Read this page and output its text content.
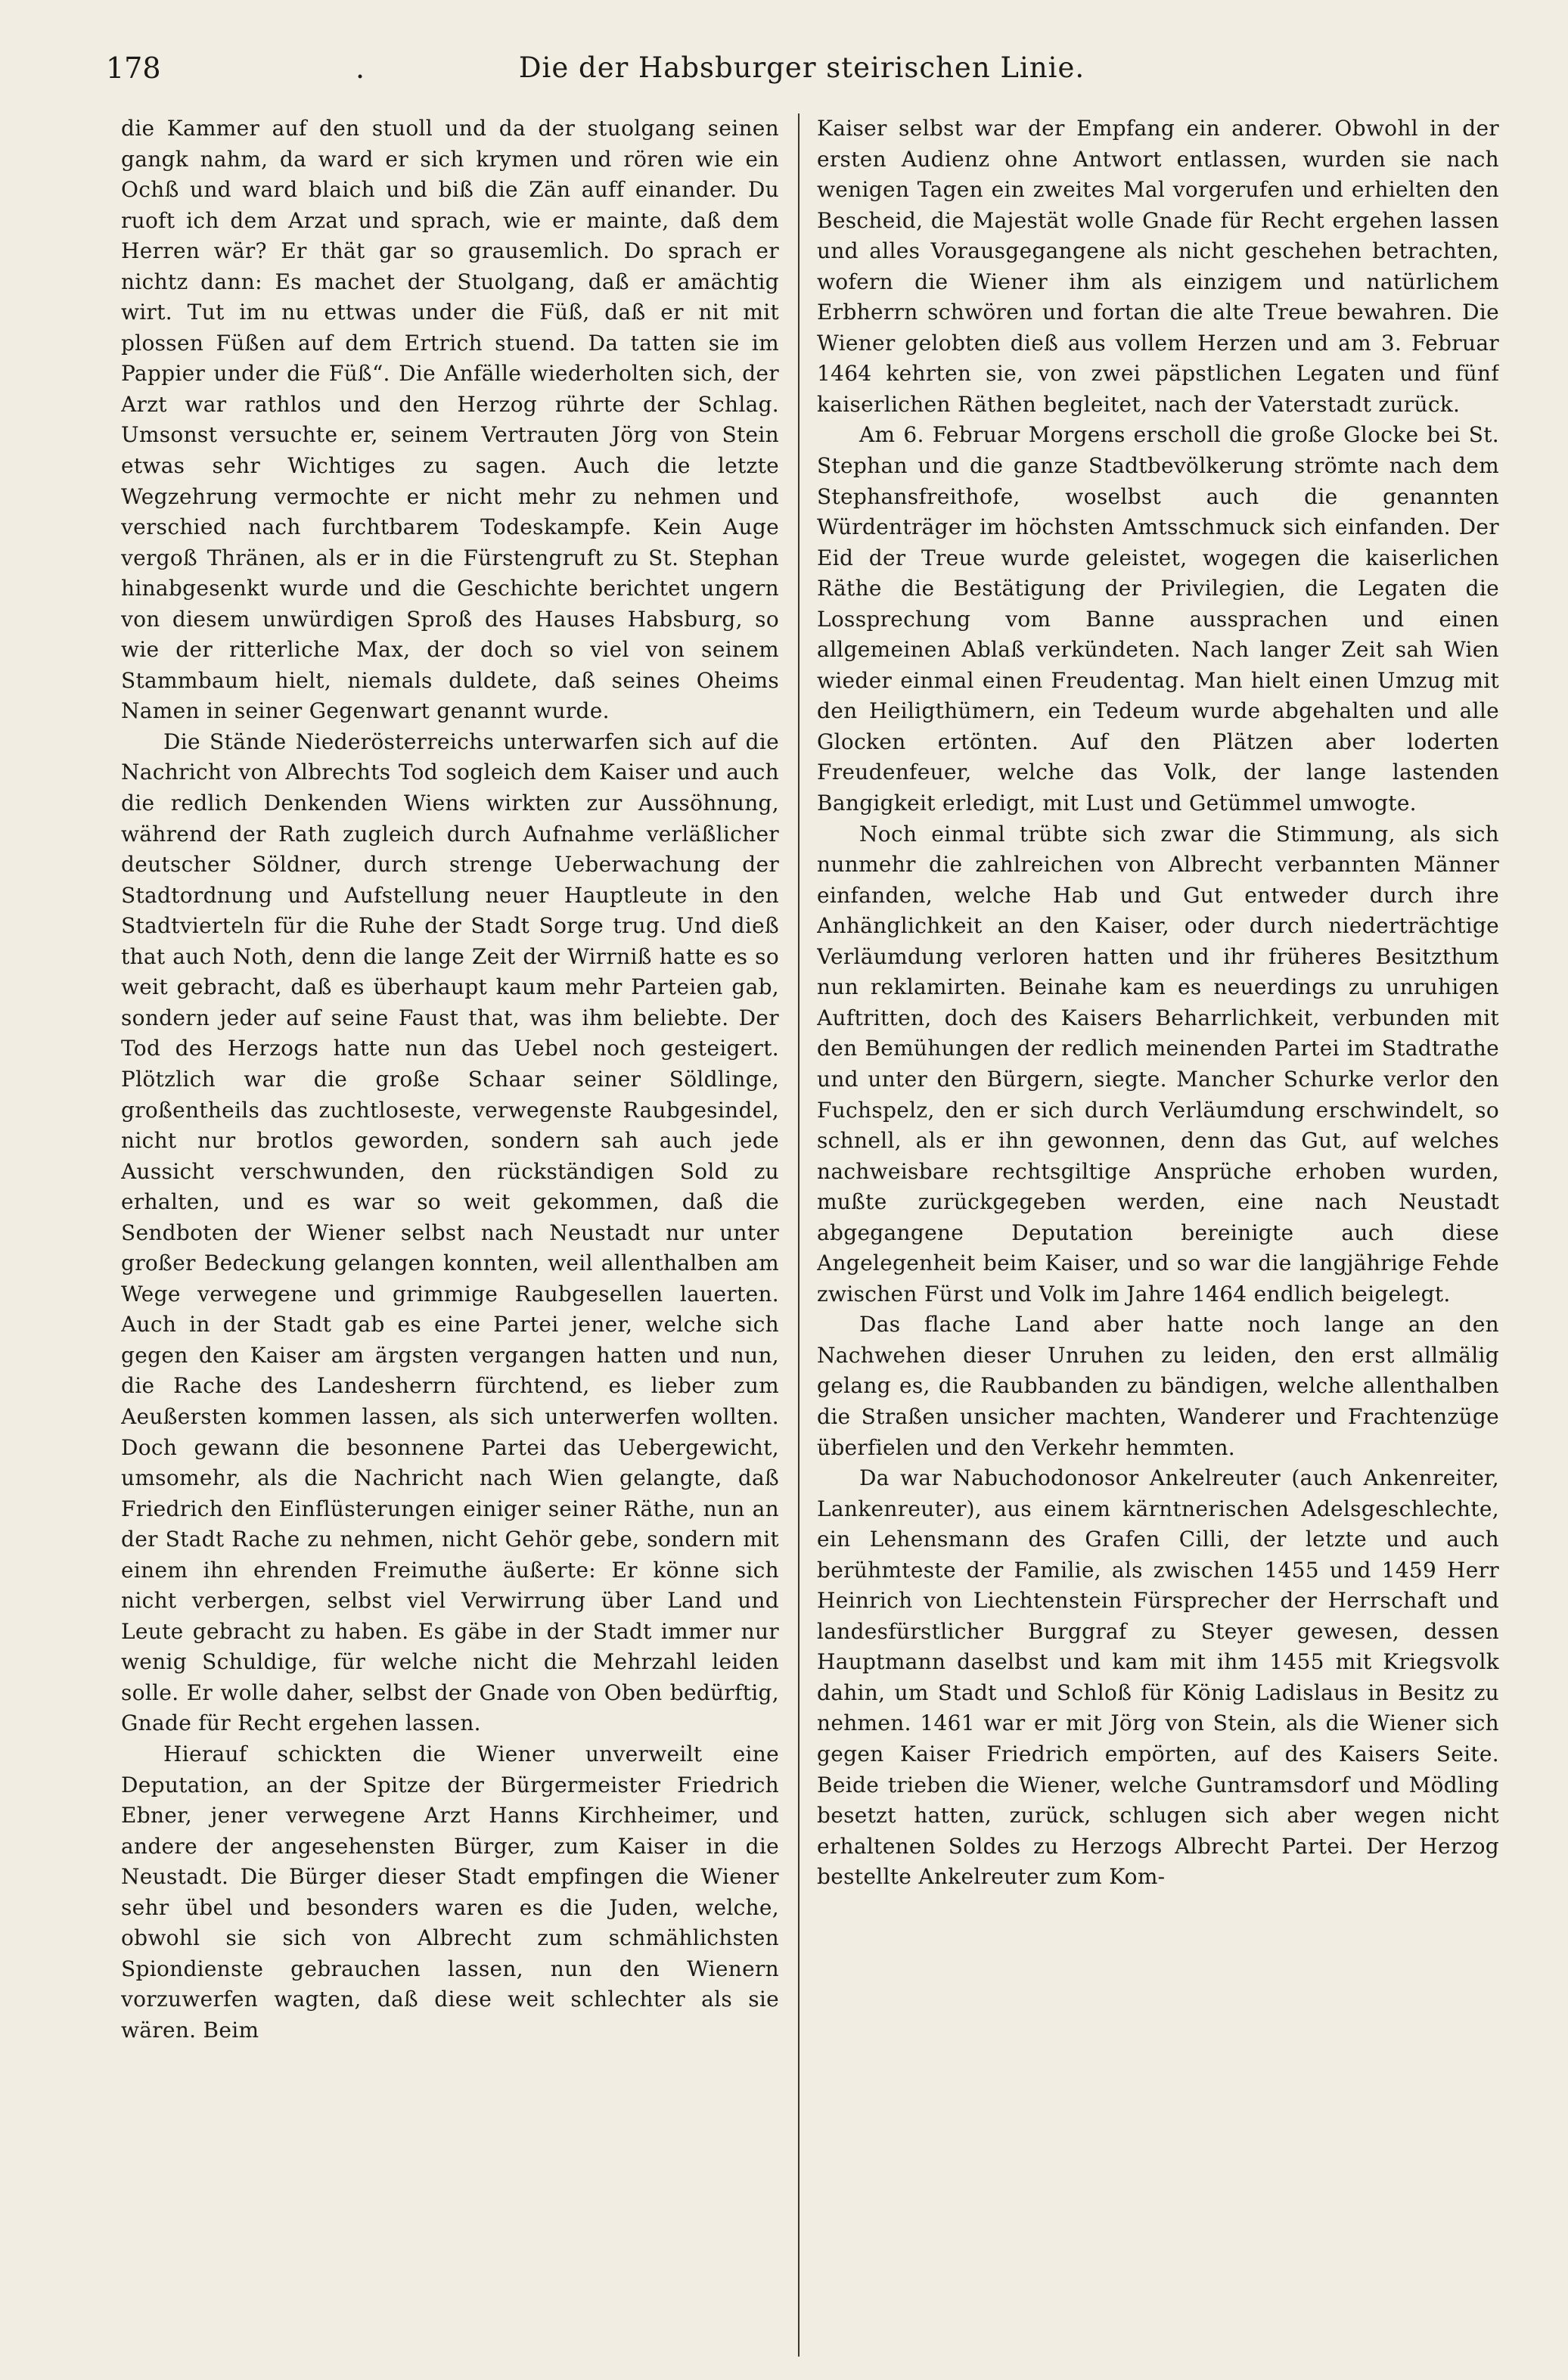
178	.	Die der Habsburger steirischen Linie.

die Kammer auf den stuoll und da der stuolgang seinen gangk nahm, da ward er sich krymen und rören wie ein Ochß und ward blaich und biß die Zän auff einander. Du ruoft ich dem Arzat und sprach, wie er mainte, daß dem Herren wär? Er thät gar so grausemlich. Do sprach er nichtz dann: Es machet der Stuolgang, daß er amächtig wirt. Tut im nu ettwas under die Füß, daß er nit mit plossen Füßen auf dem Ertrich stuend. Da tatten sie im Pappier under die Füß“. Die Anfälle wiederholten sich, der Arzt war rathlos und den Herzog rührte der Schlag. Umsonst versuchte er, seinem Vertrauten Jörg von Stein etwas sehr Wichtiges zu sagen. Auch die letzte Wegzehrung vermochte er nicht mehr zu nehmen und verschied nach furchtbarem Todeskampfe. Kein Auge vergoß Thränen, als er in die Fürstengruft zu St. Stephan hinabgesenkt wurde und die Geschichte berichtet ungern von diesem unwürdigen Sproß des Hauses Habsburg, so wie der ritterliche Max, der doch so viel von seinem Stammbaum hielt, niemals duldete, daß seines Oheims Namen in seiner Gegenwart genannt wurde.

Die Stände Niederösterreichs unterwarfen sich auf die Nachricht von Albrechts Tod sogleich dem Kaiser und auch die redlich Denkenden Wiens wirkten zur Aussöhnung, während der Rath zugleich durch Aufnahme verläßlicher deutscher Söldner, durch strenge Ueberwachung der Stadtordnung und Aufstellung neuer Hauptleute in den Stadtvierteln für die Ruhe der Stadt Sorge trug. Und dieß that auch Noth, denn die lange Zeit der Wirrniß hatte es so weit gebracht, daß es überhaupt kaum mehr Parteien gab, sondern jeder auf seine Faust that, was ihm beliebte. Der Tod des Herzogs hatte nun das Uebel noch gesteigert. Plötzlich war die große Schaar seiner Söldlinge, großentheils das zuchtloseste, verwegenste Raubgesindel, nicht nur brotlos geworden, sondern sah auch jede Aussicht verschwunden, den rückständigen Sold zu erhalten, und es war so weit gekommen, daß die Sendboten der Wiener selbst nach Neustadt nur unter großer Bedeckung gelangen konnten, weil allenthalben am Wege verwegene und grimmige Raubgesellen lauerten. Auch in der Stadt gab es eine Partei jener, welche sich gegen den Kaiser am ärgsten vergangen hatten und nun, die Rache des Landesherrn fürchtend, es lieber zum Aeußersten kommen lassen, als sich unterwerfen wollten. Doch gewann die besonnene Partei das Uebergewicht, umsomehr, als die Nachricht nach Wien gelangte, daß Friedrich den Einflüsterungen einiger seiner Räthe, nun an der Stadt Rache zu nehmen, nicht Gehör gebe, sondern mit einem ihn ehrenden Freimuthe äußerte: Er könne sich nicht verbergen, selbst viel Verwirrung über Land und Leute gebracht zu haben. Es gäbe in der Stadt immer nur wenig Schuldige, für welche nicht die Mehrzahl leiden solle. Er wolle daher, selbst der Gnade von Oben bedürftig, Gnade für Recht ergehen lassen.

Hierauf schickten die Wiener unverweilt eine Deputation, an der Spitze der Bürgermeister Friedrich Ebner, jener verwegene Arzt Hanns Kirchheimer, und andere der angesehensten Bürger, zum Kaiser in die Neustadt. Die Bürger dieser Stadt empfingen die Wiener sehr übel und besonders waren es die Juden, welche, obwohl sie sich von Albrecht zum schmählichsten Spiondienste gebrauchen lassen, nun den Wienern vorzuwerfen wagten, daß diese weit schlechter als sie wären. Beim

Kaiser selbst war der Empfang ein anderer. Obwohl in der ersten Audienz ohne Antwort entlassen, wurden sie nach wenigen Tagen ein zweites Mal vorgerufen und erhielten den Bescheid, die Majestät wolle Gnade für Recht ergehen lassen und alles Vorausgegangene als nicht geschehen betrachten, wofern die Wiener ihm als einzigem und natürlichem Erbherrn schwören und fortan die alte Treue bewahren. Die Wiener gelobten dieß aus vollem Herzen und am 3. Februar 1464 kehrten sie, von zwei päpstlichen Legaten und fünf kaiserlichen Räthen begleitet, nach der Vaterstadt zurück.

Am 6. Februar Morgens erscholl die große Glocke bei St. Stephan und die ganze Stadtbevölkerung strömte nach dem Stephansfreithofe, woselbst auch die genannten Würdenträger im höchsten Amtsschmuck sich einfanden. Der Eid der Treue wurde geleistet, wogegen die kaiserlichen Räthe die Bestätigung der Privilegien, die Legaten die Lossprechung vom Banne aussprachen und einen allgemeinen Ablaß verkündeten. Nach langer Zeit sah Wien wieder einmal einen Freudentag. Man hielt einen Umzug mit den Heiligthümern, ein Tedeum wurde abgehalten und alle Glocken ertönten. Auf den Plätzen aber loderten Freudenfeuer, welche das Volk, der lange lastenden Bangigkeit erledigt, mit Lust und Getümmel umwogte.

Noch einmal trübte sich zwar die Stimmung, als sich nunmehr die zahlreichen von Albrecht verbannten Männer einfanden, welche Hab und Gut entweder durch ihre Anhänglichkeit an den Kaiser, oder durch niederträchtige Verläumdung verloren hatten und ihr früheres Besitzthum nun reklamirten. Beinahe kam es neuerdings zu unruhigen Auftritten, doch des Kaisers Beharrlichkeit, verbunden mit den Bemühungen der redlich meinenden Partei im Stadtrathe und unter den Bürgern, siegte. Mancher Schurke verlor den Fuchspelz, den er sich durch Verläumdung erschwindelt, so schnell, als er ihn gewonnen, denn das Gut, auf welches nachweisbare rechtsgiltige Ansprüche erhoben wurden, mußte zurückgegeben werden, eine nach Neustadt abgegangene Deputation bereinigte auch diese Angelegenheit beim Kaiser, und so war die langjährige Fehde zwischen Fürst und Volk im Jahre 1464 endlich beigelegt.

Das flache Land aber hatte noch lange an den Nachwehen dieser Unruhen zu leiden, den erst allmälig gelang es, die Raubbanden zu bändigen, welche allenthalben die Straßen unsicher machten, Wanderer und Frachtenzüge überfielen und den Verkehr hemmten.

Da war Nabuchodonosor Ankelreuter (auch Ankenreiter, Lankenreuter), aus einem kärntnerischen Adelsgeschlechte, ein Lehensmann des Grafen Cilli, der letzte und auch berühmteste der Familie, als zwischen 1455 und 1459 Herr Heinrich von Liechtenstein Fürsprecher der Herrschaft und landesfürstlicher Burggraf zu Steyer gewesen, dessen Hauptmann daselbst und kam mit ihm 1455 mit Kriegsvolk dahin, um Stadt und Schloß für König Ladislaus in Besitz zu nehmen. 1461 war er mit Jörg von Stein, als die Wiener sich gegen Kaiser Friedrich empörten, auf des Kaisers Seite. Beide trieben die Wiener, welche Guntramsdorf und Mödling besetzt hatten, zurück, schlugen sich aber wegen nicht erhaltenen Soldes zu Herzogs Albrecht Partei. Der Herzog bestellte Ankelreuter zum Kom-
